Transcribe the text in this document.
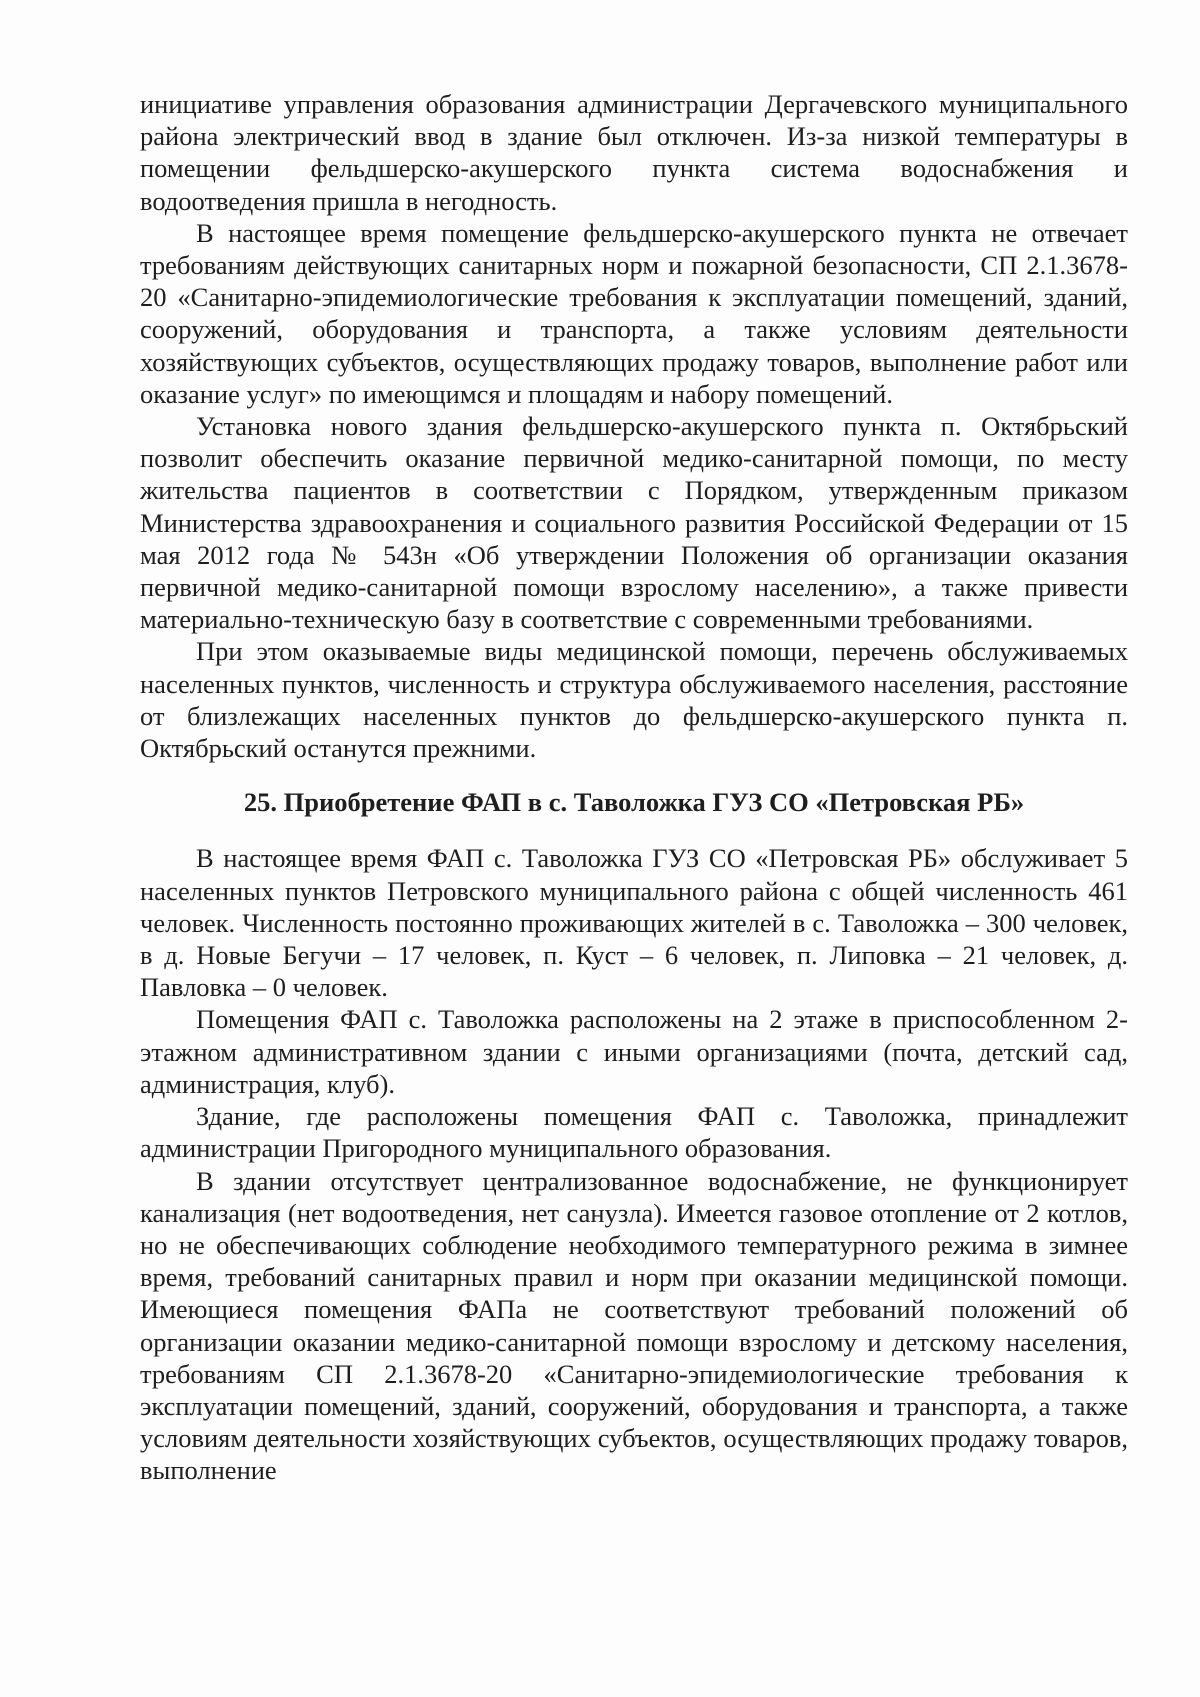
инициативе управления образования администрации Дергачевского муниципального района электрический ввод в здание был отключен. Из-за низкой температуры в помещении фельдшерско-акушерского пункта система водоснабжения и водоотведения пришла в негодность.

В настоящее время помещение фельдшерско-акушерского пункта не отвечает требованиям действующих санитарных норм и пожарной безопасности, СП 2.1.3678-20 «Санитарно-эпидемиологические требования к эксплуатации помещений, зданий, сооружений, оборудования и транспорта, а также условиям деятельности хозяйствующих субъектов, осуществляющих продажу товаров, выполнение работ или оказание услуг» по имеющимся и площадям и набору помещений.

Установка нового здания фельдшерско-акушерского пункта п. Октябрьский позволит обеспечить оказание первичной медико-санитарной помощи, по месту жительства пациентов в соответствии с Порядком, утвержденным приказом Министерства здравоохранения и социального развития Российской Федерации от 15 мая 2012 года № 543н «Об утверждении Положения об организации оказания первичной медико-санитарной помощи взрослому населению», а также привести материально-техническую базу в соответствие с современными требованиями.

При этом оказываемые виды медицинской помощи, перечень обслуживаемых населенных пунктов, численность и структура обслуживаемого населения, расстояние от близлежащих населенных пунктов до фельдшерско-акушерского пункта п. Октябрьский останутся прежними.

25. Приобретение ФАП в с. Таволожка ГУЗ СО «Петровская РБ»

В настоящее время ФАП с. Таволожка ГУЗ СО «Петровская РБ» обслуживает 5 населенных пунктов Петровского муниципального района с общей численность 461 человек. Численность постоянно проживающих жителей в с. Таволожка – 300 человек, в д. Новые Бегучи – 17 человек, п. Куст – 6 человек, п. Липовка – 21 человек, д. Павловка – 0 человек.

Помещения ФАП с. Таволожка расположены на 2 этаже в приспособленном 2-этажном административном здании с иными организациями (почта, детский сад, администрация, клуб).

Здание, где расположены помещения ФАП с. Таволожка, принадлежит администрации Пригородного муниципального образования.

В здании отсутствует централизованное водоснабжение, не функционирует канализация (нет водоотведения, нет санузла). Имеется газовое отопление от 2 котлов, но не обеспечивающих соблюдение необходимого температурного режима в зимнее время, требований санитарных правил и норм при оказании медицинской помощи. Имеющиеся помещения ФАПа не соответствуют требований положений об организации оказании медико-санитарной помощи взрослому и детскому населения, требованиям СП 2.1.3678-20 «Санитарно-эпидемиологические требования к эксплуатации помещений, зданий, сооружений, оборудования и транспорта, а также условиям деятельности хозяйствующих субъектов, осуществляющих продажу товаров, выполнение
